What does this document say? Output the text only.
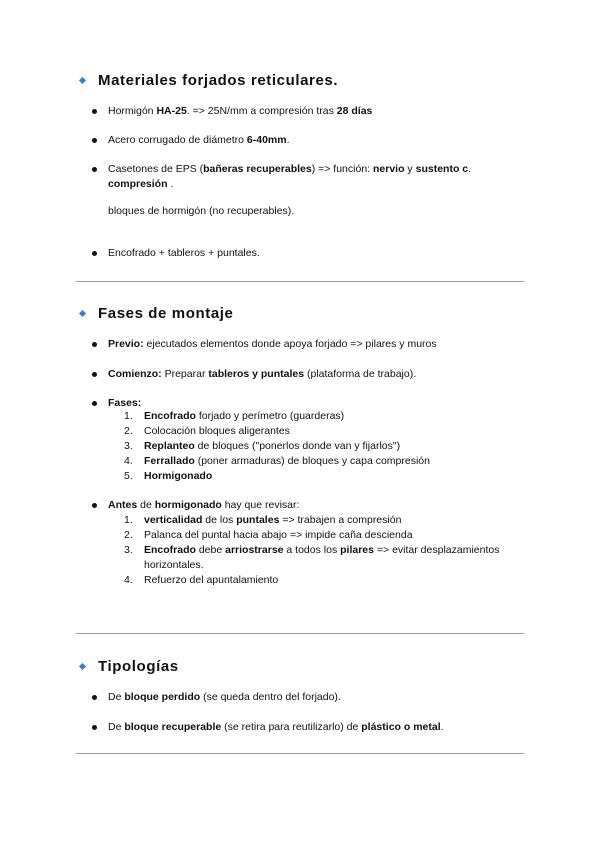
Materiales forjados reticulares.
Hormigón HA-25. => 25N/mm a compresión tras 28 días
Acero corrugado de diámetro 6-40mm.
Casetones de EPS (bañeras recuperables) => función: nervio y sustento c.
compresión .
bloques de hormigón (no recuperables).
Encofrado + tableros + puntales.
Fases de montaje
Previo: ejecutados elementos donde apoya forjado => pilares y muros
Comienzo: Preparar tableros y puntales (plataforma de trabajo).
Fases:
1.	Encofrado forjado y perímetro (guarderas)
2.	Colocación bloques aligerantes
3.	Replanteo de bloques ("ponerlos donde van y fijarlos")
4.	Ferrallado (poner armaduras) de bloques y capa compresión
5.	Hormigonado
Antes de hormigonado hay que revisar:
1.	verticalidad de los puntales => trabajen a compresión
2.	Palanca del puntal hacia abajo => impide caña descienda
3.	Encofrado debe arriostrarse a todos los pilares => evitar desplazamientos horizontales.
4.	Refuerzo del apuntalamiento
Tipologías
De bloque perdido (se queda dentro del forjado).
De bloque recuperable (se retira para reutilizarlo) de plástico o metal.
